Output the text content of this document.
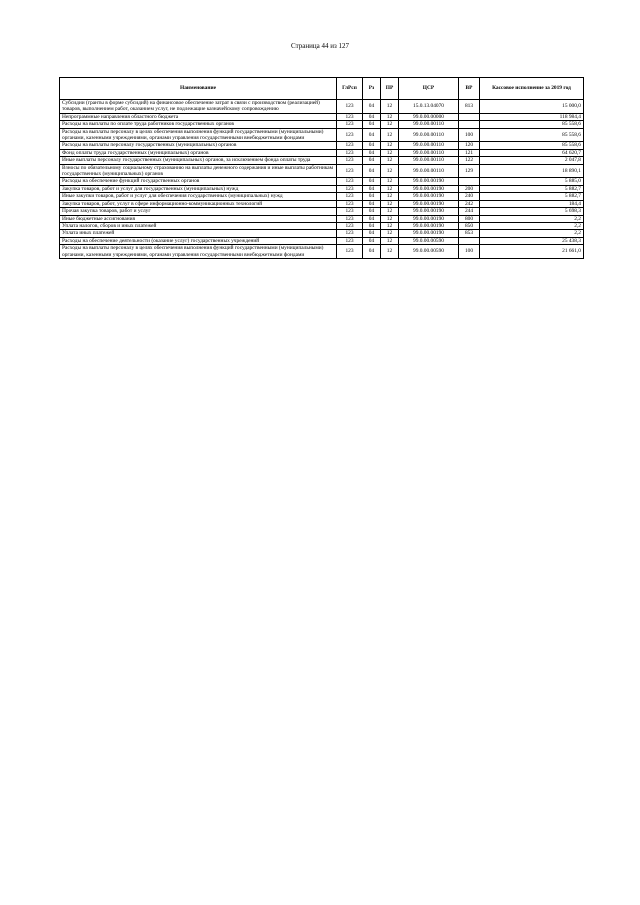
Страница 44 из 127
Наименование	ГлРсп	Рз	ПР	ЦСР	ВР	Кассовое исполнение за 2019 год
Субсидии (гранты в форме субсидий) на финансовое обеспечение затрат в связи с производством (реализацией) товаров, выполнением работ, оказанием услуг, не подлежащие казначейскому сопровождению	123	04	12	15.0.13.04070	813	15 000,0
Непрограммные направления областного бюджета	123	04	12	99.0.00.00000		118 984,4
Расходы на выплаты по оплате труда работников государственных органов	123	04	12	99.0.00.00110		85 558,6
Расходы на выплаты персоналу в целях обеспечения выполнения функций государственными (муниципальными) органами, казенными учреждениями, органами управления государственными внебюджетными фондами	123	04	12	99.0.00.00110	100	85 558,6
Расходы на выплаты персоналу государственных (муниципальных) органов	123	04	12	99.0.00.00110	120	85 558,6
Фонд оплаты труда государственных (муниципальных) органов	123	04	12	99.0.00.00110	121	64 620,7
Иные выплаты персоналу государственных (муниципальных) органов, за исключением фонда оплаты труда	123	04	12	99.0.00.00110	122	2 047,8
Взносы по обязательному социальному страхованию на выплаты денежного содержания и иные выплаты работникам государственных (муниципальных) органов	123	04	12	99.0.00.00110	129	18 890,1
Расходы на обеспечение функций государственных органов	123	04	12	99.0.00.00190		5 885,0
Закупка товаров, работ и услуг для государственных (муниципальных) нужд	123	04	12	99.0.00.00190	200	5 882,7
Иные закупки товаров, работ и услуг для обеспечения государственных (муниципальных) нужд	123	04	12	99.0.00.00190	240	5 882,7
Закупка товаров, работ, услуг в сфере информационно-коммуникационных технологий	123	04	12	99.0.00.00190	242	184,4
Прочая закупка товаров, работ и услуг	123	04	12	99.0.00.00190	244	5 698,3
Иные бюджетные ассигнования	123	04	12	99.0.00.00190	800	2,2
Уплата налогов, сборов и иных платежей	123	04	12	99.0.00.00190	850	2,2
Уплата иных платежей	123	04	12	99.0.00.00190	853	2,2
Расходы на обеспечение деятельности (оказание услуг) государственных учреждений	123	04	12	99.0.00.00590		25 438,3
Расходы на выплаты персоналу в целях обеспечения выполнения функций государственными (муниципальными) органами, казенными учреждениями, органами управления государственными внебюджетными фондами	123	04	12	99.0.00.00590	100	21 661,0
